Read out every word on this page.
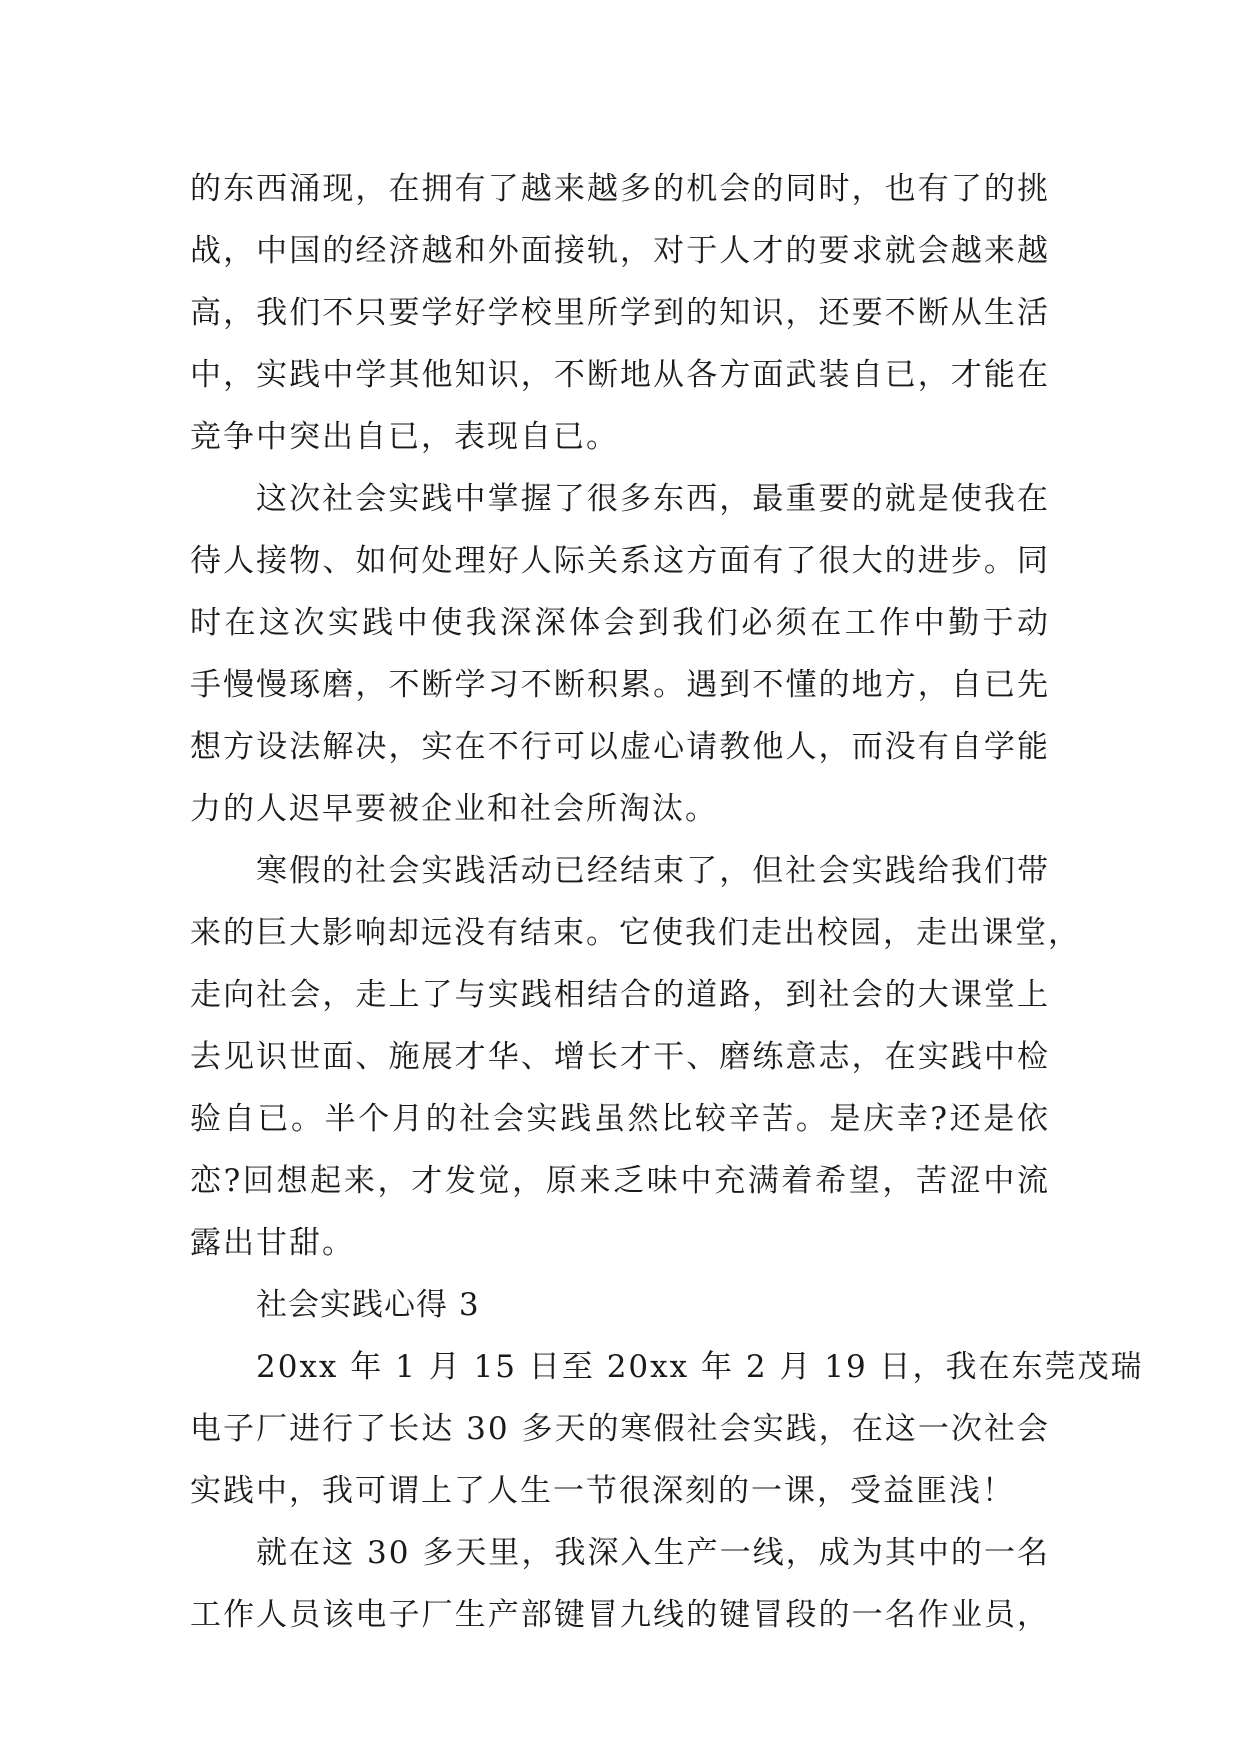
的东西涌现，在拥有了越来越多的机会的同时，也有了的挑
战，中国的经济越和外面接轨，对于人才的要求就会越来越
高，我们不只要学好学校里所学到的知识，还要不断从生活
中，实践中学其他知识，不断地从各方面武装自已，才能在
竞争中突出自已，表现自已。
这次社会实践中掌握了很多东西，最重要的就是使我在
待人接物、如何处理好人际关系这方面有了很大的进步。同
时在这次实践中使我深深体会到我们必须在工作中勤于动
手慢慢琢磨，不断学习不断积累。遇到不懂的地方，自已先
想方设法解决，实在不行可以虚心请教他人，而没有自学能
力的人迟早要被企业和社会所淘汰。
寒假的社会实践活动已经结束了，但社会实践给我们带
来的巨大影响却远没有结束。它使我们走出校园，走出课堂，
走向社会，走上了与实践相结合的道路，到社会的大课堂上
去见识世面、施展才华、增长才干、磨练意志，在实践中检
验自已。半个月的社会实践虽然比较辛苦。是庆幸?还是依
恋?回想起来，才发觉，原来乏味中充满着希望，苦涩中流
露出甘甜。
社会实践心得 3
20xx 年 1 月 15 日至 20xx 年 2 月 19 日，我在东莞茂瑞
电子厂进行了长达 30 多天的寒假社会实践，在这一次社会
实践中，我可谓上了人生一节很深刻的一课，受益匪浅！
就在这 30 多天里，我深入生产一线，成为其中的一名
工作人员该电子厂生产部键冒九线的键冒段的一名作业员，
